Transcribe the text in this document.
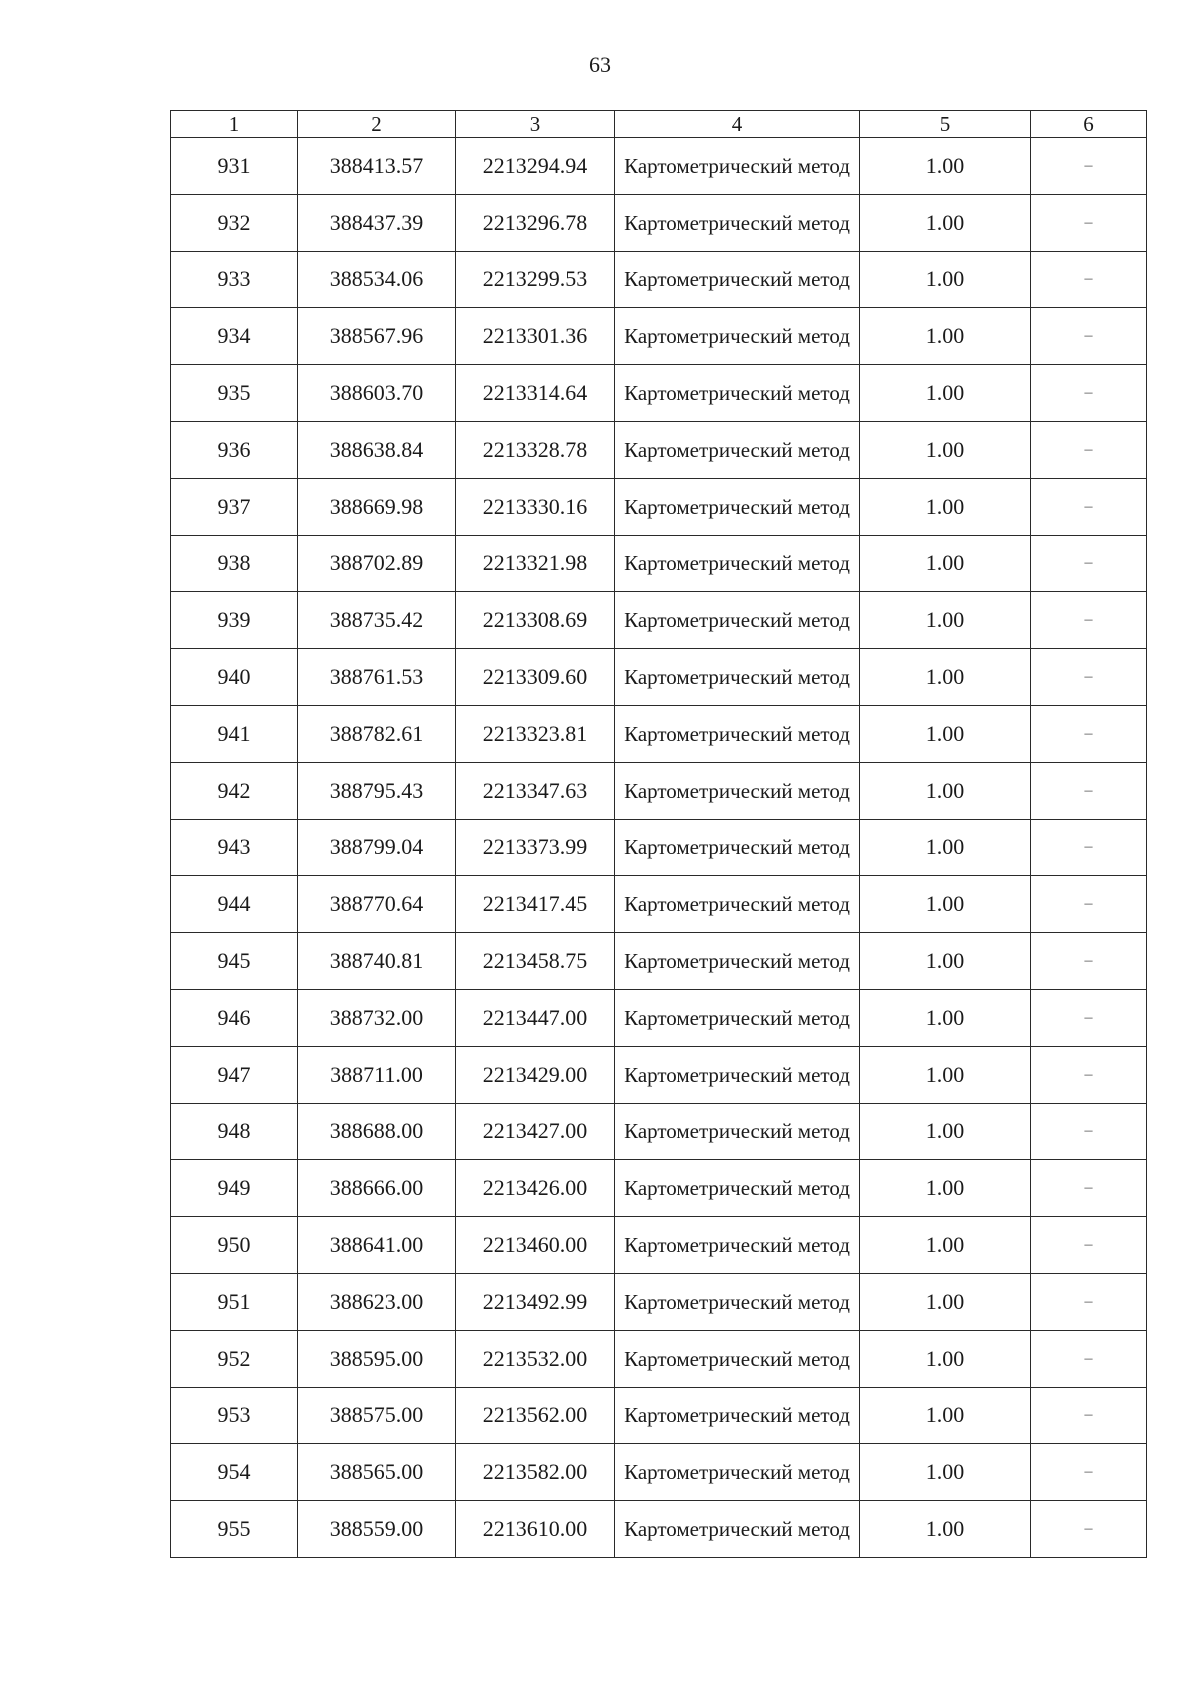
63
1	2	3	4	5	6
931	388413.57	2213294.94	Картометрический метод	1.00	–
932	388437.39	2213296.78	Картометрический метод	1.00	–
933	388534.06	2213299.53	Картометрический метод	1.00	–
934	388567.96	2213301.36	Картометрический метод	1.00	–
935	388603.70	2213314.64	Картометрический метод	1.00	–
936	388638.84	2213328.78	Картометрический метод	1.00	–
937	388669.98	2213330.16	Картометрический метод	1.00	–
938	388702.89	2213321.98	Картометрический метод	1.00	–
939	388735.42	2213308.69	Картометрический метод	1.00	–
940	388761.53	2213309.60	Картометрический метод	1.00	–
941	388782.61	2213323.81	Картометрический метод	1.00	–
942	388795.43	2213347.63	Картометрический метод	1.00	–
943	388799.04	2213373.99	Картометрический метод	1.00	–
944	388770.64	2213417.45	Картометрический метод	1.00	–
945	388740.81	2213458.75	Картометрический метод	1.00	–
946	388732.00	2213447.00	Картометрический метод	1.00	–
947	388711.00	2213429.00	Картометрический метод	1.00	–
948	388688.00	2213427.00	Картометрический метод	1.00	–
949	388666.00	2213426.00	Картометрический метод	1.00	–
950	388641.00	2213460.00	Картометрический метод	1.00	–
951	388623.00	2213492.99	Картометрический метод	1.00	–
952	388595.00	2213532.00	Картометрический метод	1.00	–
953	388575.00	2213562.00	Картометрический метод	1.00	–
954	388565.00	2213582.00	Картометрический метод	1.00	–
955	388559.00	2213610.00	Картометрический метод	1.00	–
